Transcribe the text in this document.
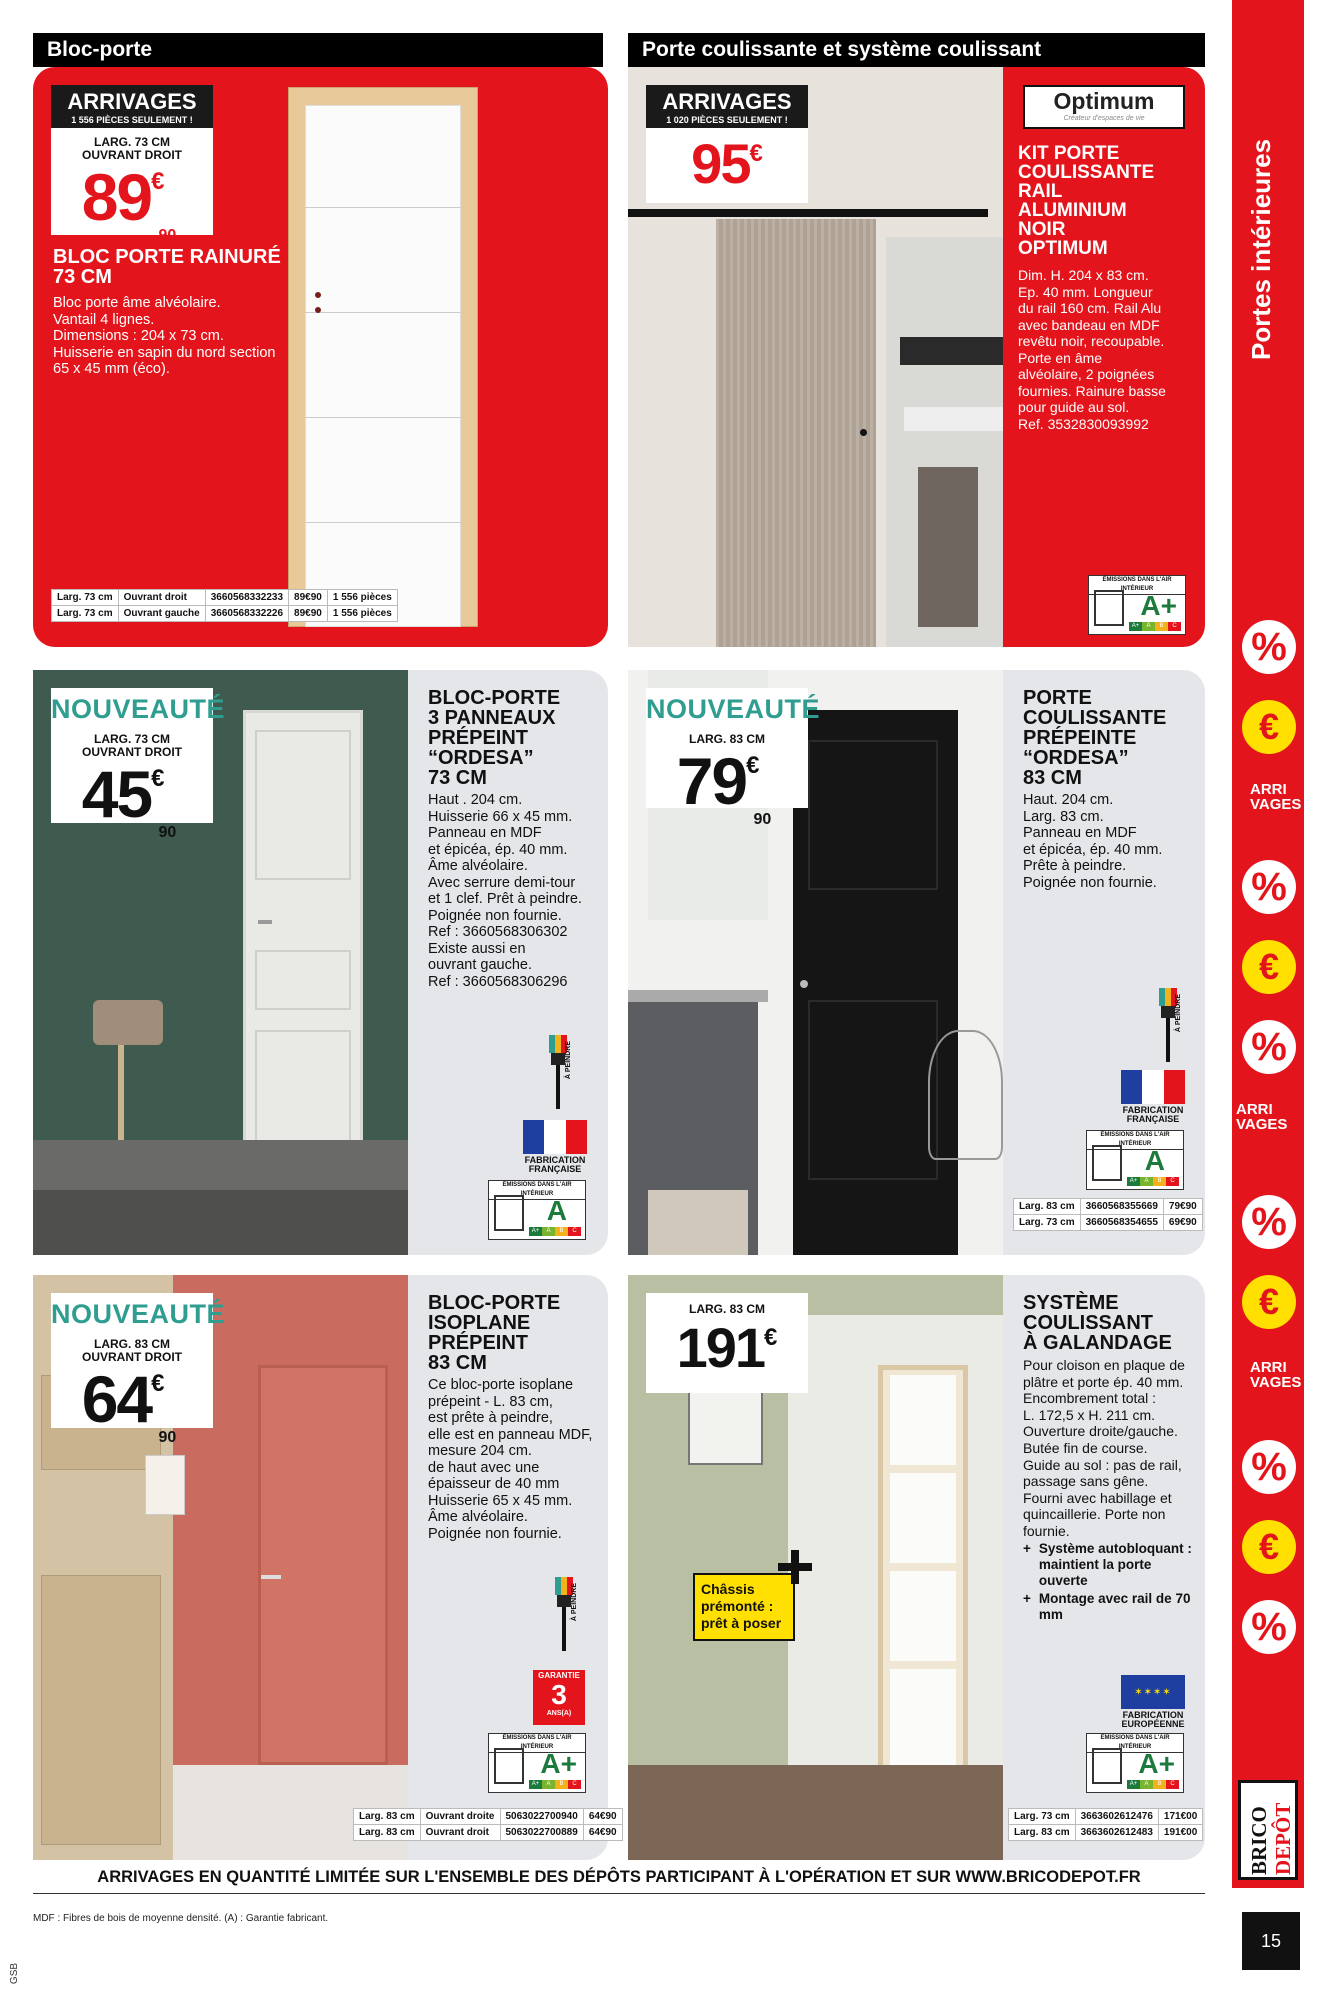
Bloc-porte	Porte coulissante et système coulissant
ARRIVAGES
1 556 PIÈCES SEULEMENT !
LARG. 73 CM
OUVRANT DROIT
89€90
BLOC PORTE RAINURÉ
73 CM
Bloc porte âme alvéolaire.
Vantail 4 lignes.
Dimensions : 204 x 73 cm.
Huisserie en sapin du nord section
65 x 45 mm (éco).
Larg. 73 cm	Ouvrant droit	3660568332233	89€90	1 556 pièces
Larg. 73 cm	Ouvrant gauche	3660568332226	89€90	1 556 pièces
ARRIVAGES
1 020 PIÈCES SEULEMENT !
95€
Optimum
Créateur d'espaces de vie
KIT PORTE
COULISSANTE
RAIL
ALUMINIUM
NOIR
OPTIMUM
Dim. H. 204 x 83 cm.
Ep. 40 mm. Longueur
du rail 160 cm. Rail Alu
avec bandeau en MDF
revêtu noir, recoupable.
Porte en âme
alvéolaire, 2 poignées
fournies. Rainure basse
pour guide au sol.
Ref. 3532830093992
ÉMISSIONS DANS L'AIR INTÉRIEUR
A+
A+	A	B	C
NOUVEAUTÉ
LARG. 73 CM
OUVRANT DROIT
45€90
BLOC-PORTE
3 PANNEAUX
PRÉPEINT
“ORDESA”
73 CM
Haut . 204 cm.
Huisserie 66 x 45 mm.
Panneau en MDF
et épicéa, ép. 40 mm.
Âme alvéolaire.
Avec serrure demi-tour
et 1 clef. Prêt à peindre.
Poignée non fournie.
Ref : 3660568306302
Existe aussi en
ouvrant gauche.
Ref : 3660568306296
À PEINDRE
FABRICATION
FRANÇAISE
ÉMISSIONS DANS L'AIR INTÉRIEUR
A
A+	A	B	C
NOUVEAUTÉ
LARG. 83 CM
79€90
PORTE
COULISSANTE
PRÉPEINTE
“ORDESA”
83 CM
Haut. 204 cm.
Larg. 83 cm.
Panneau en MDF
et épicéa, ép. 40 mm.
Prête à peindre.
Poignée non fournie.
À PEINDRE
FABRICATION
FRANÇAISE
ÉMISSIONS DANS L'AIR INTÉRIEUR
A
A+	A	B	C
Larg. 83 cm	3660568355669	79€90
Larg. 73 cm	3660568354655	69€90
NOUVEAUTÉ
LARG. 83 CM
OUVRANT DROIT
64€90
BLOC-PORTE
ISOPLANE
PRÉPEINT
83 CM
Ce bloc-porte isoplane
prépeint - L. 83 cm,
est prête à peindre,
elle est en panneau MDF,
mesure 204 cm.
de haut avec une
épaisseur de 40 mm
Huisserie 65 x 45 mm.
Âme alvéolaire.
Poignée non fournie.
À PEINDRE
GARANTIE
3
ANS(A)
ÉMISSIONS DANS L'AIR INTÉRIEUR
A+
A+	A	B	C
Larg. 83 cm	Ouvrant droite	5063022700940	64€90
Larg. 83 cm	Ouvrant droit	5063022700889	64€90
LARG. 83 CM
191€
Châssis
prémonté :
prêt à poser
SYSTÈME
COULISSANT
À GALANDAGE
Pour cloison en plaque de
plâtre et porte ép. 40 mm.
Encombrement total :
L. 172,5 x H. 211 cm.
Ouverture droite/gauche.
Butée fin de course.
Guide au sol : pas de rail,
passage sans gêne.
Fourni avec habillage et
quincaillerie. Porte non
fournie.
+ Système autobloquant : maintient la porte ouverte
+ Montage avec rail de 70 mm
✶✶✶✶
FABRICATION
EUROPÉENNE
ÉMISSIONS DANS L'AIR INTÉRIEUR
A+
A+	A	B	C
Larg. 73 cm	3663602612476	171€00
Larg. 83 cm	3663602612483	191€00
ARRIVAGES EN QUANTITÉ LIMITÉE SUR L'ENSEMBLE DES DÉPÔTS PARTICIPANT À L'OPÉRATION ET SUR WWW.BRICODEPOT.FR
MDF : Fibres de bois de moyenne densité. (A) : Garantie fabricant.
GSB
Portes intérieures
%
€
ARRI
VAGES
%
€
%
ARRI
VAGES
%
€
ARRI
VAGES
%
€
%
BRICO DEPÔT
15
